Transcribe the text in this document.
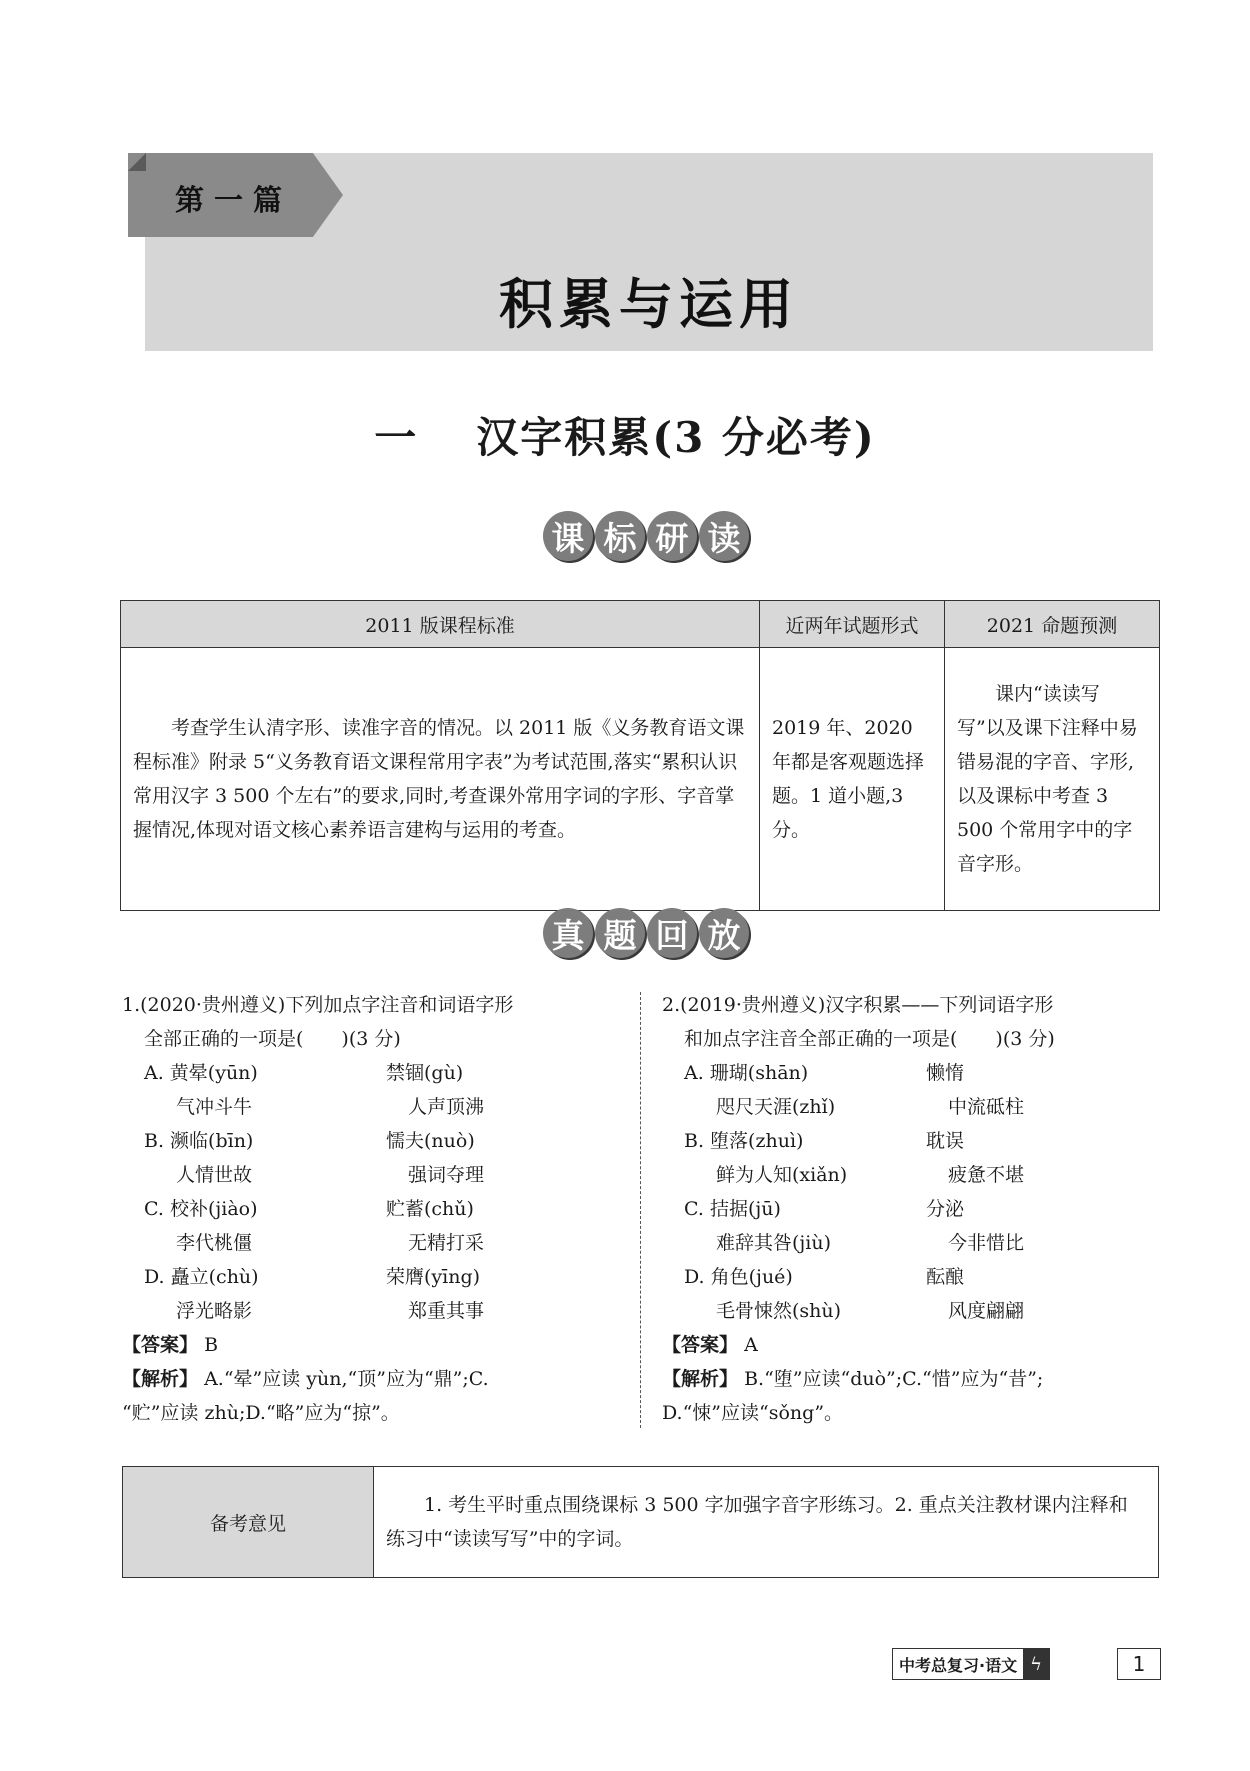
第一篇
积累与运用
一 汉字积累(3 分必考)
课 标 研 读
2011 版课程标准	近两年试题形式	2021 命题预测
考查学生认清字形、读准字音的情况。以 2011 版《义务教育语文课程标准》附录 5“义务教育语文课程常用字表”为考试范围,落实“累积认识常用汉字 3 500 个左右”的要求,同时,考查课外常用字词的字形、字音掌握情况,体现对语文核心素养语言建构与运用的考查。	2019 年、2020 年都是客观题选择题。1 道小题,3 分。	课内“读读写写”以及课下注释中易错易混的字音、字形,以及课标中考查 3 500 个常用字中的字音字形。
真 题 回 放
1.(2020·贵州遵义)下列加点字注音和词语字形
全部正确的一项是(　　)(3 分)
A. 黄晕(yūn)	禁锢(gù)
气冲斗牛	人声顶沸
B. 濒临(bīn)	懦夫(nuò)
人情世故	强词夺理
C. 校补(jiào)	贮蓄(chǔ)
李代桃僵	无精打采
D. 矗立(chù)	荣膺(yīng)
浮光略影	郑重其事
【答案】 B
【解析】 A.“晕”应读 yùn,“顶”应为“鼎”;C.
“贮”应读 zhù;D.“略”应为“掠”。
2.(2019·贵州遵义)汉字积累——下列词语字形
和加点字注音全部正确的一项是(　　)(3 分)
A. 珊瑚(shān)	懒惰
咫尺天涯(zhǐ)	中流砥柱
B. 堕落(zhuì)	耽误
鲜为人知(xiǎn)	疲惫不堪
C. 拮据(jū)	分泌
难辞其咎(jiù)	今非惜比
D. 角色(jué)	酝酿
毛骨悚然(shù)	风度翩翩
【答案】 A
【解析】 B.“堕”应读“duò”;C.“惜”应为“昔”;
D.“悚”应读“sǒng”。
备考意见	1. 考生平时重点围绕课标 3 500 字加强字音字形练习。2. 重点关注教材课内注释和练习中“读读写写”中的字词。
中考总复习·语文 ϟ	1
